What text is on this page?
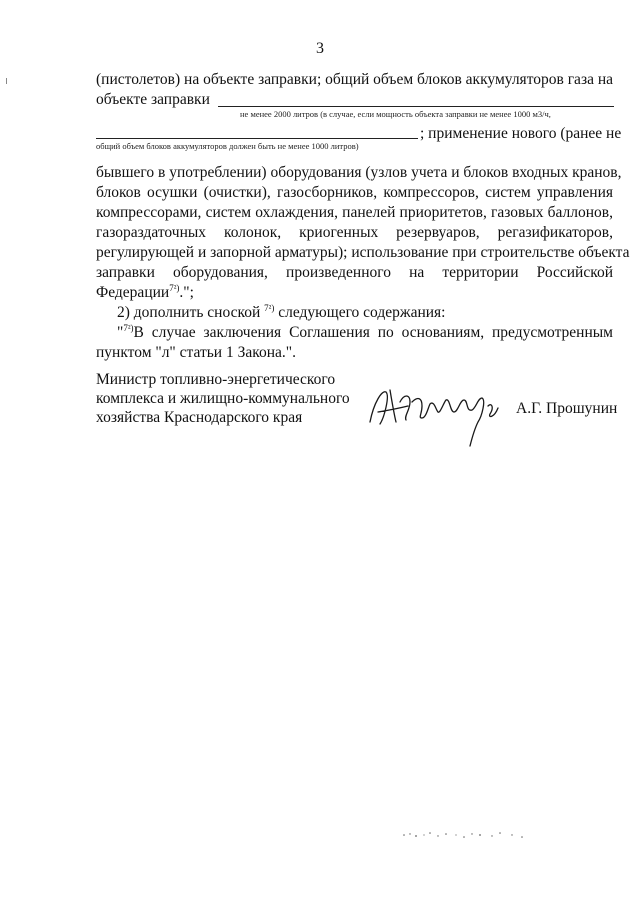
3
(пистолетов) на объекте заправки; общий объем блоков аккумуляторов газа на
объекте заправки
не менее 2000 литров (в случае, если мощность объекта заправки не менее 1000 м3/ч,
; применение нового (ранее не
общий объем блоков аккумуляторов должен быть не менее 1000 литров)
бывшего в употреблении) оборудования (узлов учета и блоков входных кранов,
блоков осушки (очистки), газосборников, компрессоров, систем управления
компрессорами, систем охлаждения, панелей приоритетов, газовых баллонов,
газораздаточных колонок, криогенных резервуаров, регазификаторов,
регулирующей и запорной арматуры); использование при строительстве объекта
заправки оборудования, произведенного на территории Российской
Федерации$^{7^2)}$.";
2) дополнить сноской $^{7^2)}$ следующего содержания:
"$^{7^2)}$В случае заключения Соглашения по основаниям, предусмотренным
пунктом "л" статьи 1 Закона.".
Министр топливно-энергетического
комплекса и жилищно-коммунального
хозяйства Краснодарского края
А.Г. Прошунин
